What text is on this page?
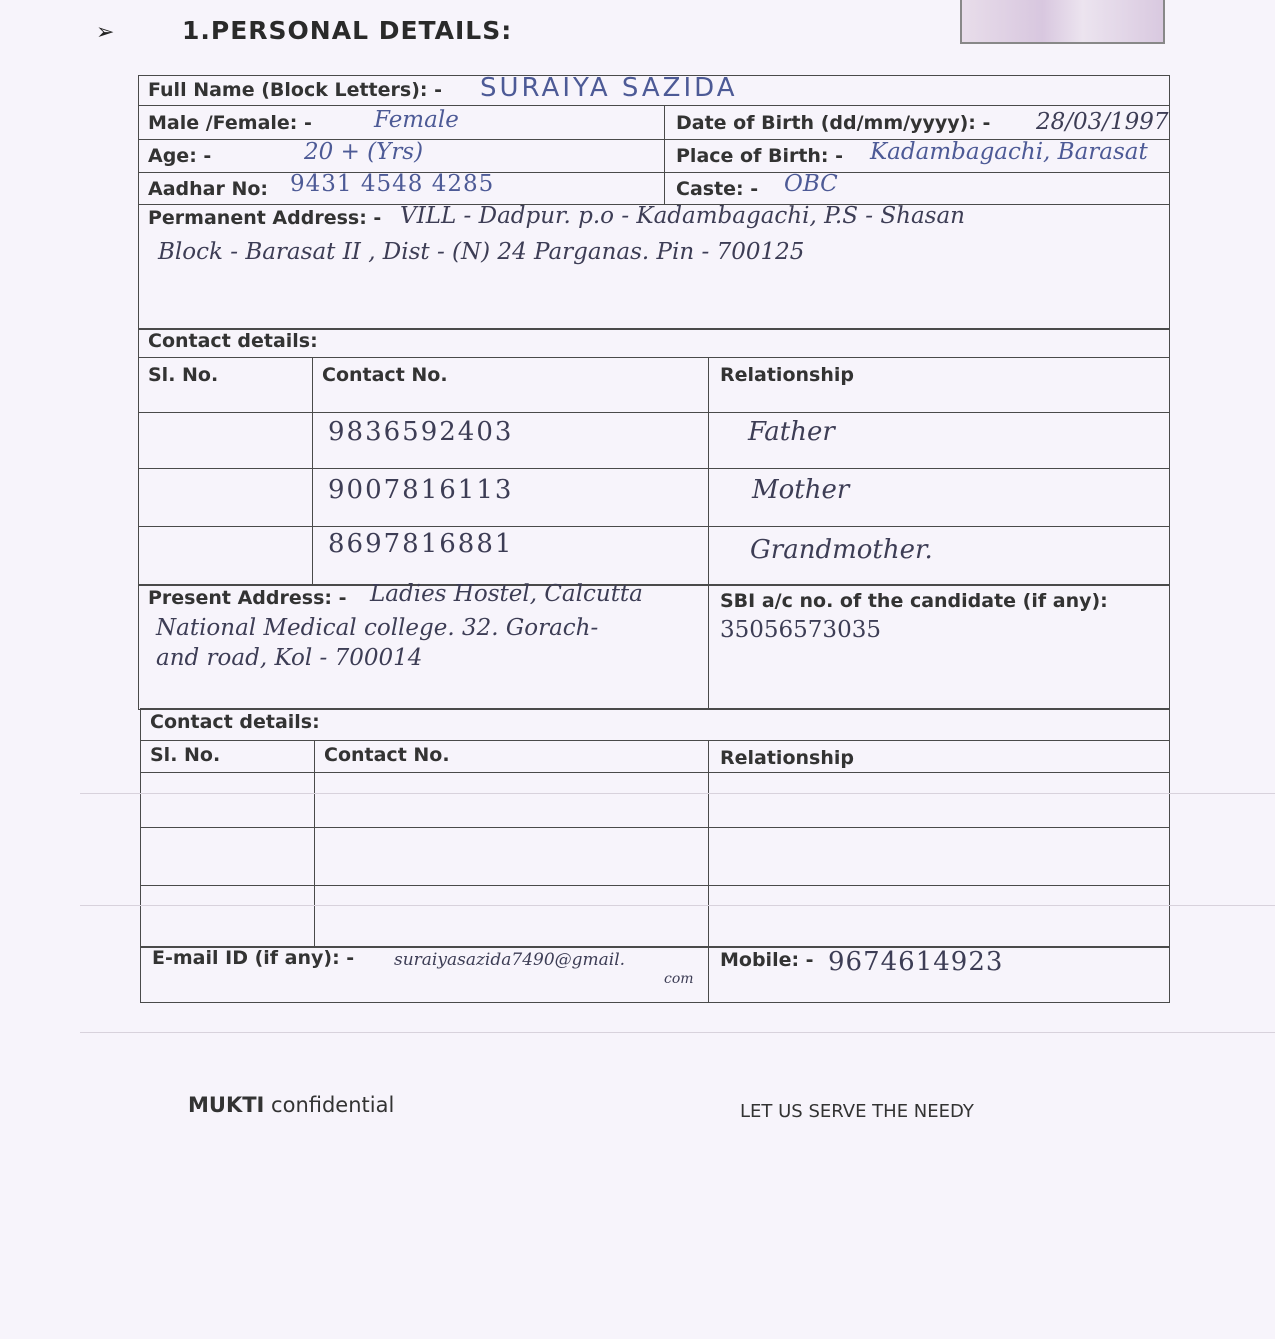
➢	1.PERSONAL DETAILS:
Full Name (Block Letters): - SURAIYA SAZIDA
Male /Female: -	Female	Date of Birth (dd/mm/yyyy): - 28/03/1997
Age: -	20 + (Yrs)	Place of Birth: - Kadambagachi, Barasat
Aadhar No: 9431 4548 4285	Caste: - OBC
Permanent Address: - VILL - Dadpur. p.o - Kadambagachi, P.S - Shasan
Block - Barasat II , Dist - (N) 24 Parganas. Pin - 700125
Contact details:
Sl. No.	Contact No.	Relationship
9836592403	Father
9007816113	Mother
8697816881	Grandmother.
Present Address: - Ladies Hostel, Calcutta
National Medical college. 32. Gorach-
and road, Kol - 700014
SBI a/c no. of the candidate (if any):
35056573035
Contact details:
Sl. No.	Contact No.	Relationship
E-mail ID (if any): - suraiyasazida7490@gmail.
com
Mobile: - 9674614923
MUKTI confidential	LET US SERVE THE NEEDY
